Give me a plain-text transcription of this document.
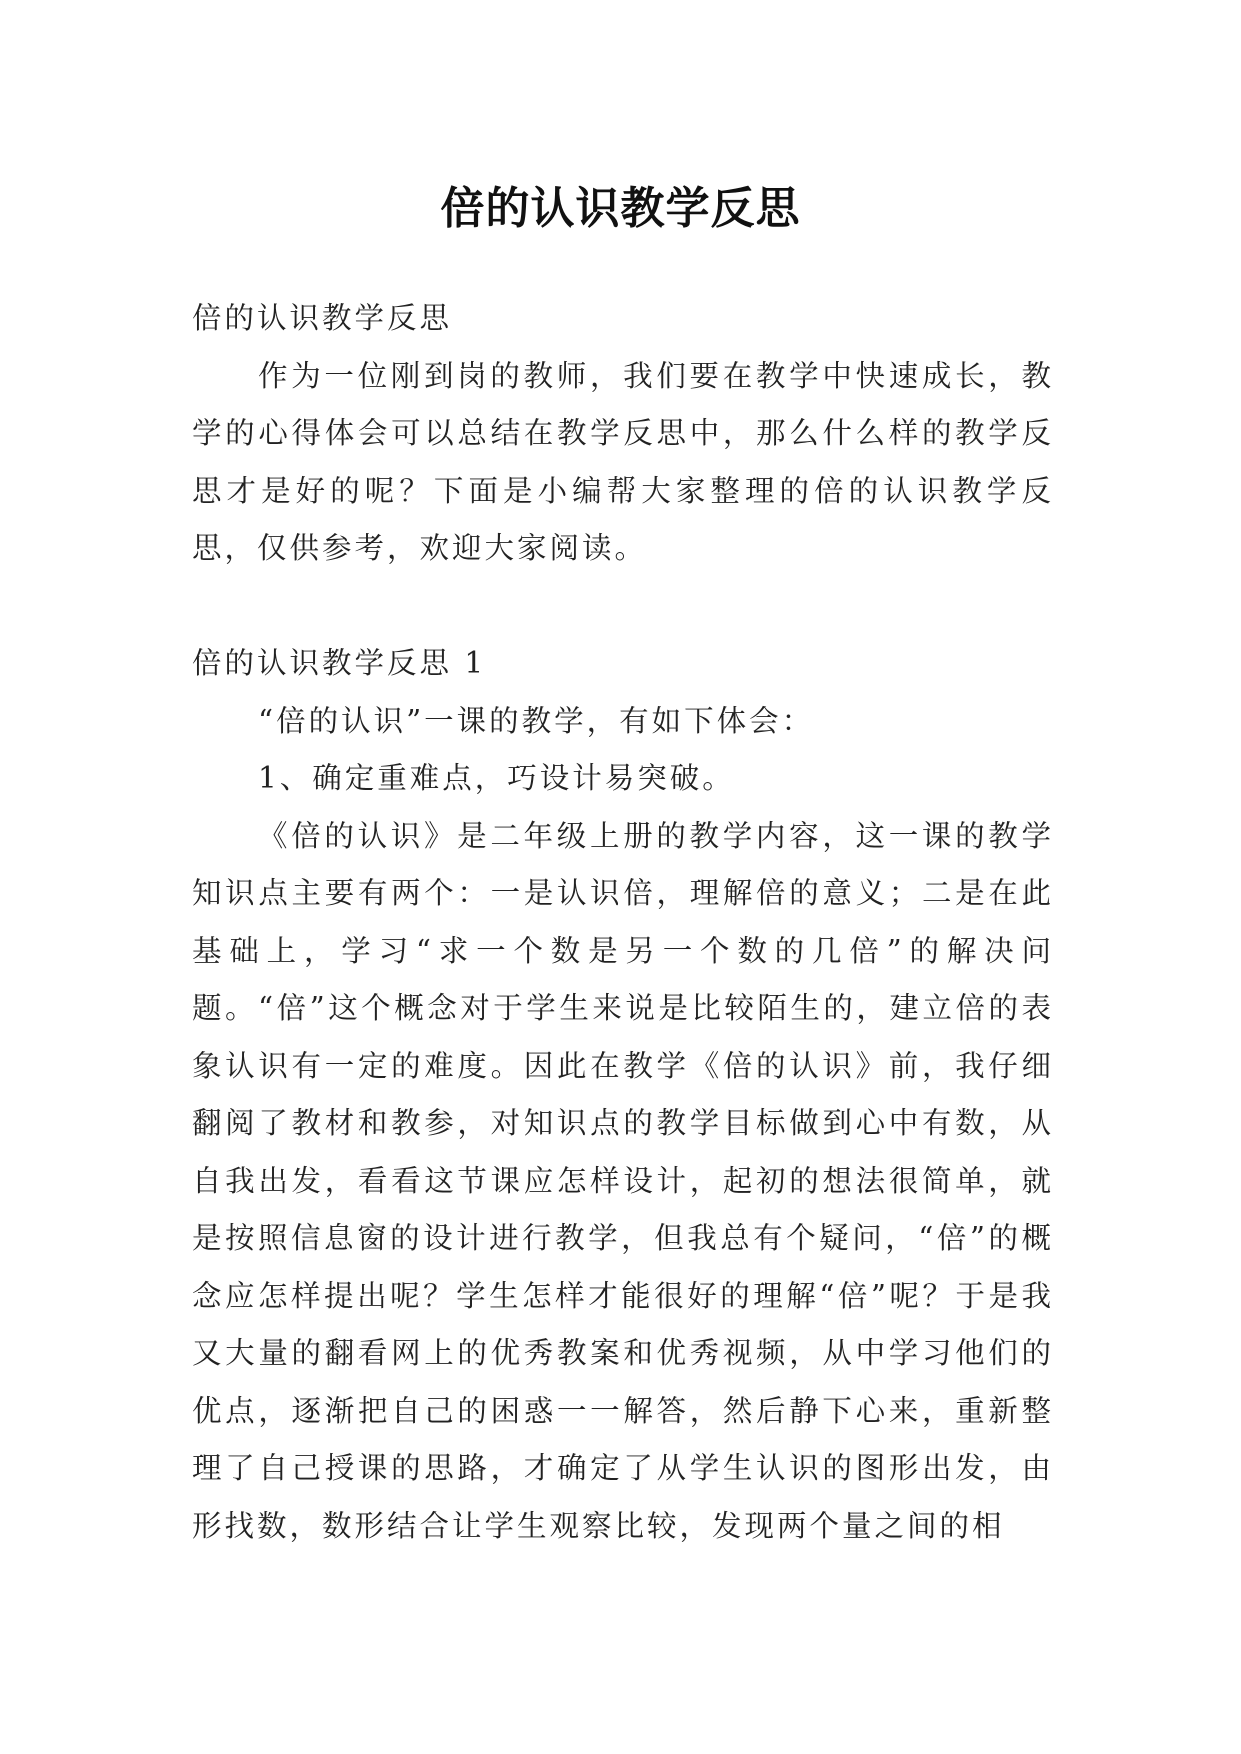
倍的认识教学反思

倍的认识教学反思

作为一位刚到岗的教师，我们要在教学中快速成长，教学的心得体会可以总结在教学反思中，那么什么样的教学反思才是好的呢？下面是小编帮大家整理的倍的认识教学反思，仅供参考，欢迎大家阅读。

倍的认识教学反思 1

“倍的认识”一课的教学，有如下体会：

1、确定重难点，巧设计易突破。

《倍的认识》是二年级上册的教学内容，这一课的教学知识点主要有两个：一是认识倍，理解倍的意义；二是在此基础上，学习“求一个数是另一个数的几倍”的解决问题。“倍”这个概念对于学生来说是比较陌生的，建立倍的表象认识有一定的难度。因此在教学《倍的认识》前，我仔细翻阅了教材和教参，对知识点的教学目标做到心中有数，从自我出发，看看这节课应怎样设计，起初的想法很简单，就是按照信息窗的设计进行教学，但我总有个疑问，“倍”的概念应怎样提出呢？学生怎样才能很好的理解“倍”呢？于是我又大量的翻看网上的优秀教案和优秀视频，从中学习他们的优点，逐渐把自己的困惑一一解答，然后静下心来，重新整理了自己授课的思路，才确定了从学生认识的图形出发，由形找数，数形结合让学生观察比较，发现两个量之间的相
